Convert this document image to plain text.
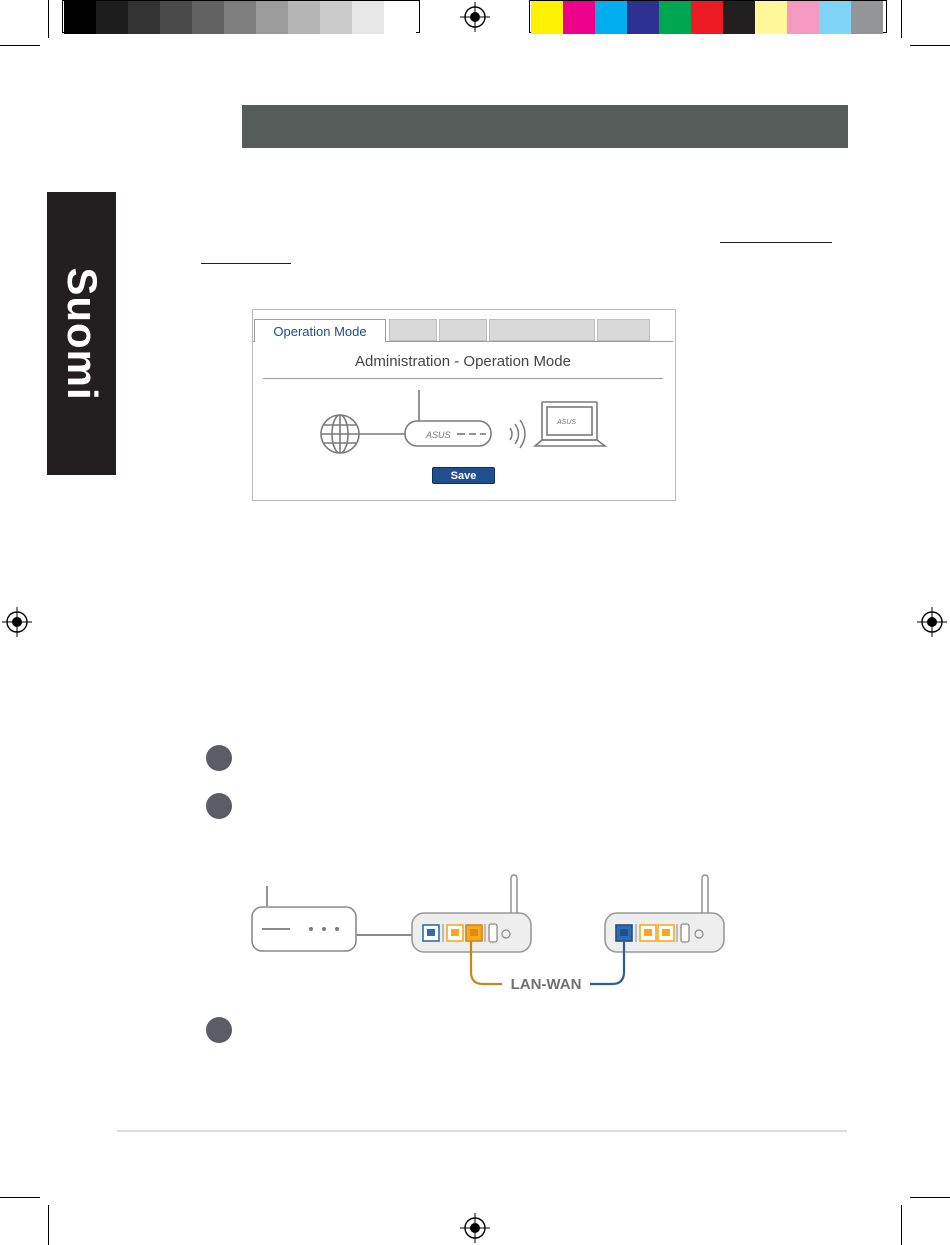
Suomi	Operation Mode
Administration - Operation Mode
ASUS
ASUS
Save
LAN-WAN
